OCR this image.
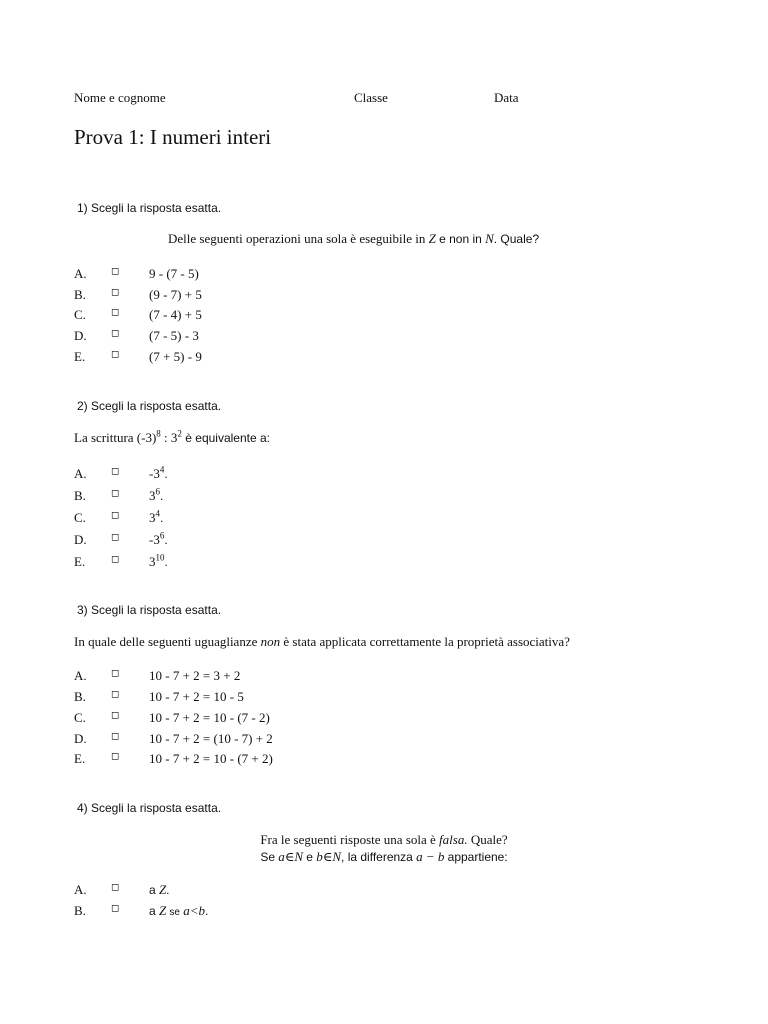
Nome e cognome	Classe	Data
Prova 1: I numeri interi
1) Scegli la risposta esatta.
Delle seguenti operazioni una sola è eseguibile in Z e non in N. Quale?
A. ◻ 9 - (7 - 5)
B.	◻ (9 - 7) + 5
C.	◻ (7 - 4) + 5
D. ◻ (7 - 5) - 3
E.	◻ (7 + 5) - 9
2) Scegli la risposta esatta.
La scrittura $(-3)^8$ : $3^2$ è equivalente a:
A. ◻ $-3^4$.
B.	◻ $3^6$.
C.	◻ $3^4$.
D. ◻ $-3^6$.
E.	◻ $3^{10}$.
3) Scegli la risposta esatta.
In quale delle seguenti uguaglianze non è stata applicata correttamente la proprietà associativa?
A. ◻ 10 - 7 + 2 = 3 + 2
B.	◻ 10 - 7 + 2 = 10 - 5
C.	◻ 10 - 7 + 2 = 10 - (7 - 2)
D. ◻ 10 - 7 + 2 = (10 - 7) + 2
E.	◻ 10 - 7 + 2 = 10 - (7 + 2)
4) Scegli la risposta esatta.
Fra le seguenti risposte una sola è falsa. Quale?
Se a∈N e b∈N, la differenza a − b appartiene:
A. ◻ a Z.
B.	◻ a Z se a<b.
